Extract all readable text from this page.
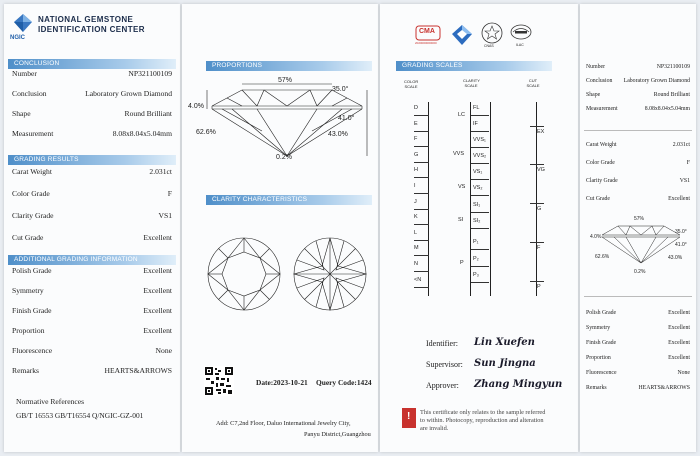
NGIC
NATIONAL GEMSTONE
IDENTIFICATION CENTER
CONCLUSION
Number	NP321100109
Conclusion	Laboratory Grown Diamond
Shape	Round Brilliant
Measurement	8.08x8.04x5.04mm
GRADING RESULTS
Carat Weight	2.031ct
Color Grade	F
Clarity Grade	VS1
Cut Grade	Excellent
ADDITIONAL GRADING INFORMATION
Polish Grade	Excellent
Symmetry	Excellent
Finish Grade	Excellent
Proportion	Excellent
Fluorescence	None
Remarks	HEARTS&ARROWS
Normative References
GB/T 16553 GB/T16554 Q/NGIC-GZ-001
PROPORTIONS
57%
35.0°
41.0°
4.0%
62.6%	43.0%
0.2%
CLARITY CHARACTERISTICS
Date:2023-10-21 Query Code:1424
Add: C7,2nd Floor, Daluo International Jewelry City,
Panyu District,Guangzhou
CMA
2020000000000
CNAS	ILAC
GRADING SCALES
COLOR SCALE
CLARITY SCALE
CUT SCALE
D
E
F
G
H
I
J
K
L
M
N
<N
FL
IF
VVS₁
VVS₂
VS₁
VS₂
SI₁
SI₂
P₁
P₂
P₃
LC
VVS
VS
SI
P
EX
VG
G
F
P
Identifier: Lin Xuefen
Supervisor: Sun Jingna
Approver: Zhang Mingyun
! This certificate only relates to the sample referred
to within. Photocopy, reproduction and alteration
are invalid.
Number	NP321100109
Conclusion Laboratory Grown Diamond
Shape	Round Brilliant
Measurement	8.08x8.04x5.04mm
Carat Weight	2.031ct
Color Grade	F
Clarity Grade	VS1
Cut Grade	Excellent
57%
35.0°
4.0%
41.0°
62.6%	43.0%
0.2%
Polish Grade	Excellent
Symmetry	Excellent
Finish Grade	Excellent
Proportion	Excellent
Fluorescence	None
Remarks	HEARTS&ARROWS
